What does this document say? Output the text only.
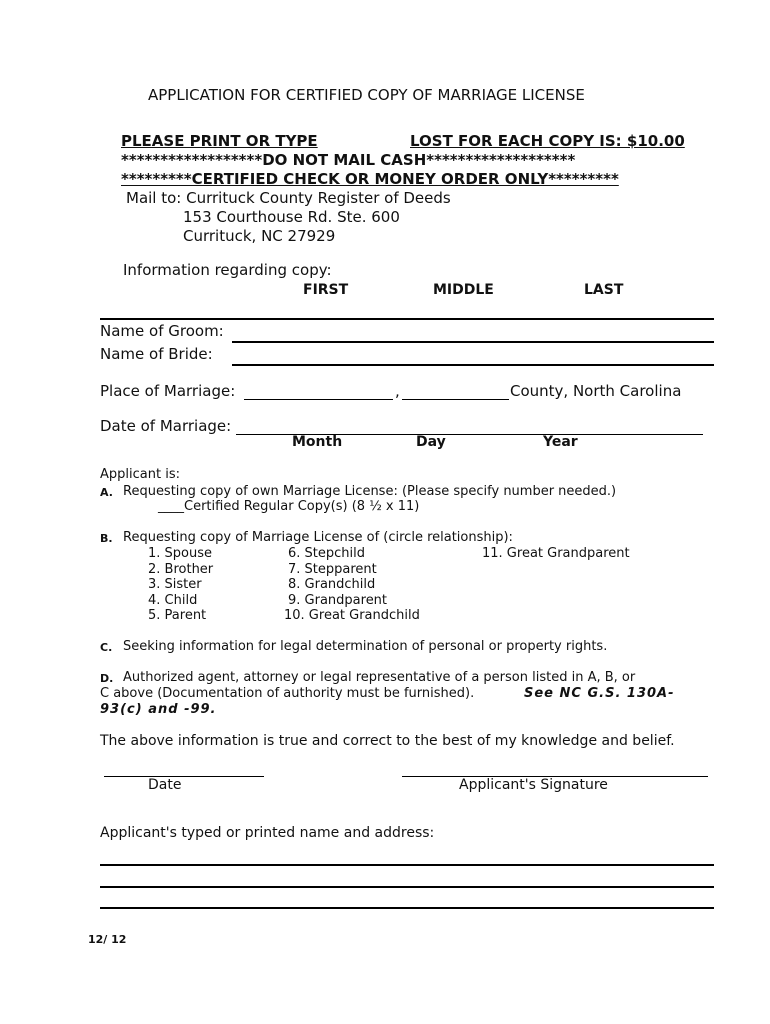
APPLICATION FOR CERTIFIED COPY OF MARRIAGE LICENSE
PLEASE PRINT OR TYPE	LOST FOR EACH COPY IS: $10.00
******************DO NOT MAIL CASH*******************
*********CERTIFIED CHECK OR MONEY ORDER ONLY*********
Mail to: Currituck County Register of Deeds
153 Courthouse Rd. Ste. 600
Currituck, NC 27929
Information regarding copy:
FIRST	MIDDLE	LAST
Name of Groom:
Name of Bride:
Place of Marriage:	,	County, North Carolina
Date of Marriage:
Month	Day	Year
Applicant is:
A. Requesting copy of own Marriage License: (Please specify number needed.)
____Certified Regular Copy(s) (8 ½ x 11)
B. Requesting copy of Marriage License of (circle relationship):
1. Spouse
2. Brother
3. Sister
4. Child
5. Parent
6. Stepchild
7. Stepparent
8. Grandchild
9. Grandparent
10. Great Grandchild
11. Great Grandparent
C. Seeking information for legal determination of personal or property rights.
D. Authorized agent, attorney or legal representative of a person listed in A, B, or
C above (Documentation of authority must be furnished).	See NC G.S. 130A-
93(c) and -99.
The above information is true and correct to the best of my knowledge and belief.
Date	Applicant's Signature
Applicant's typed or printed name and address:
12/ 12
